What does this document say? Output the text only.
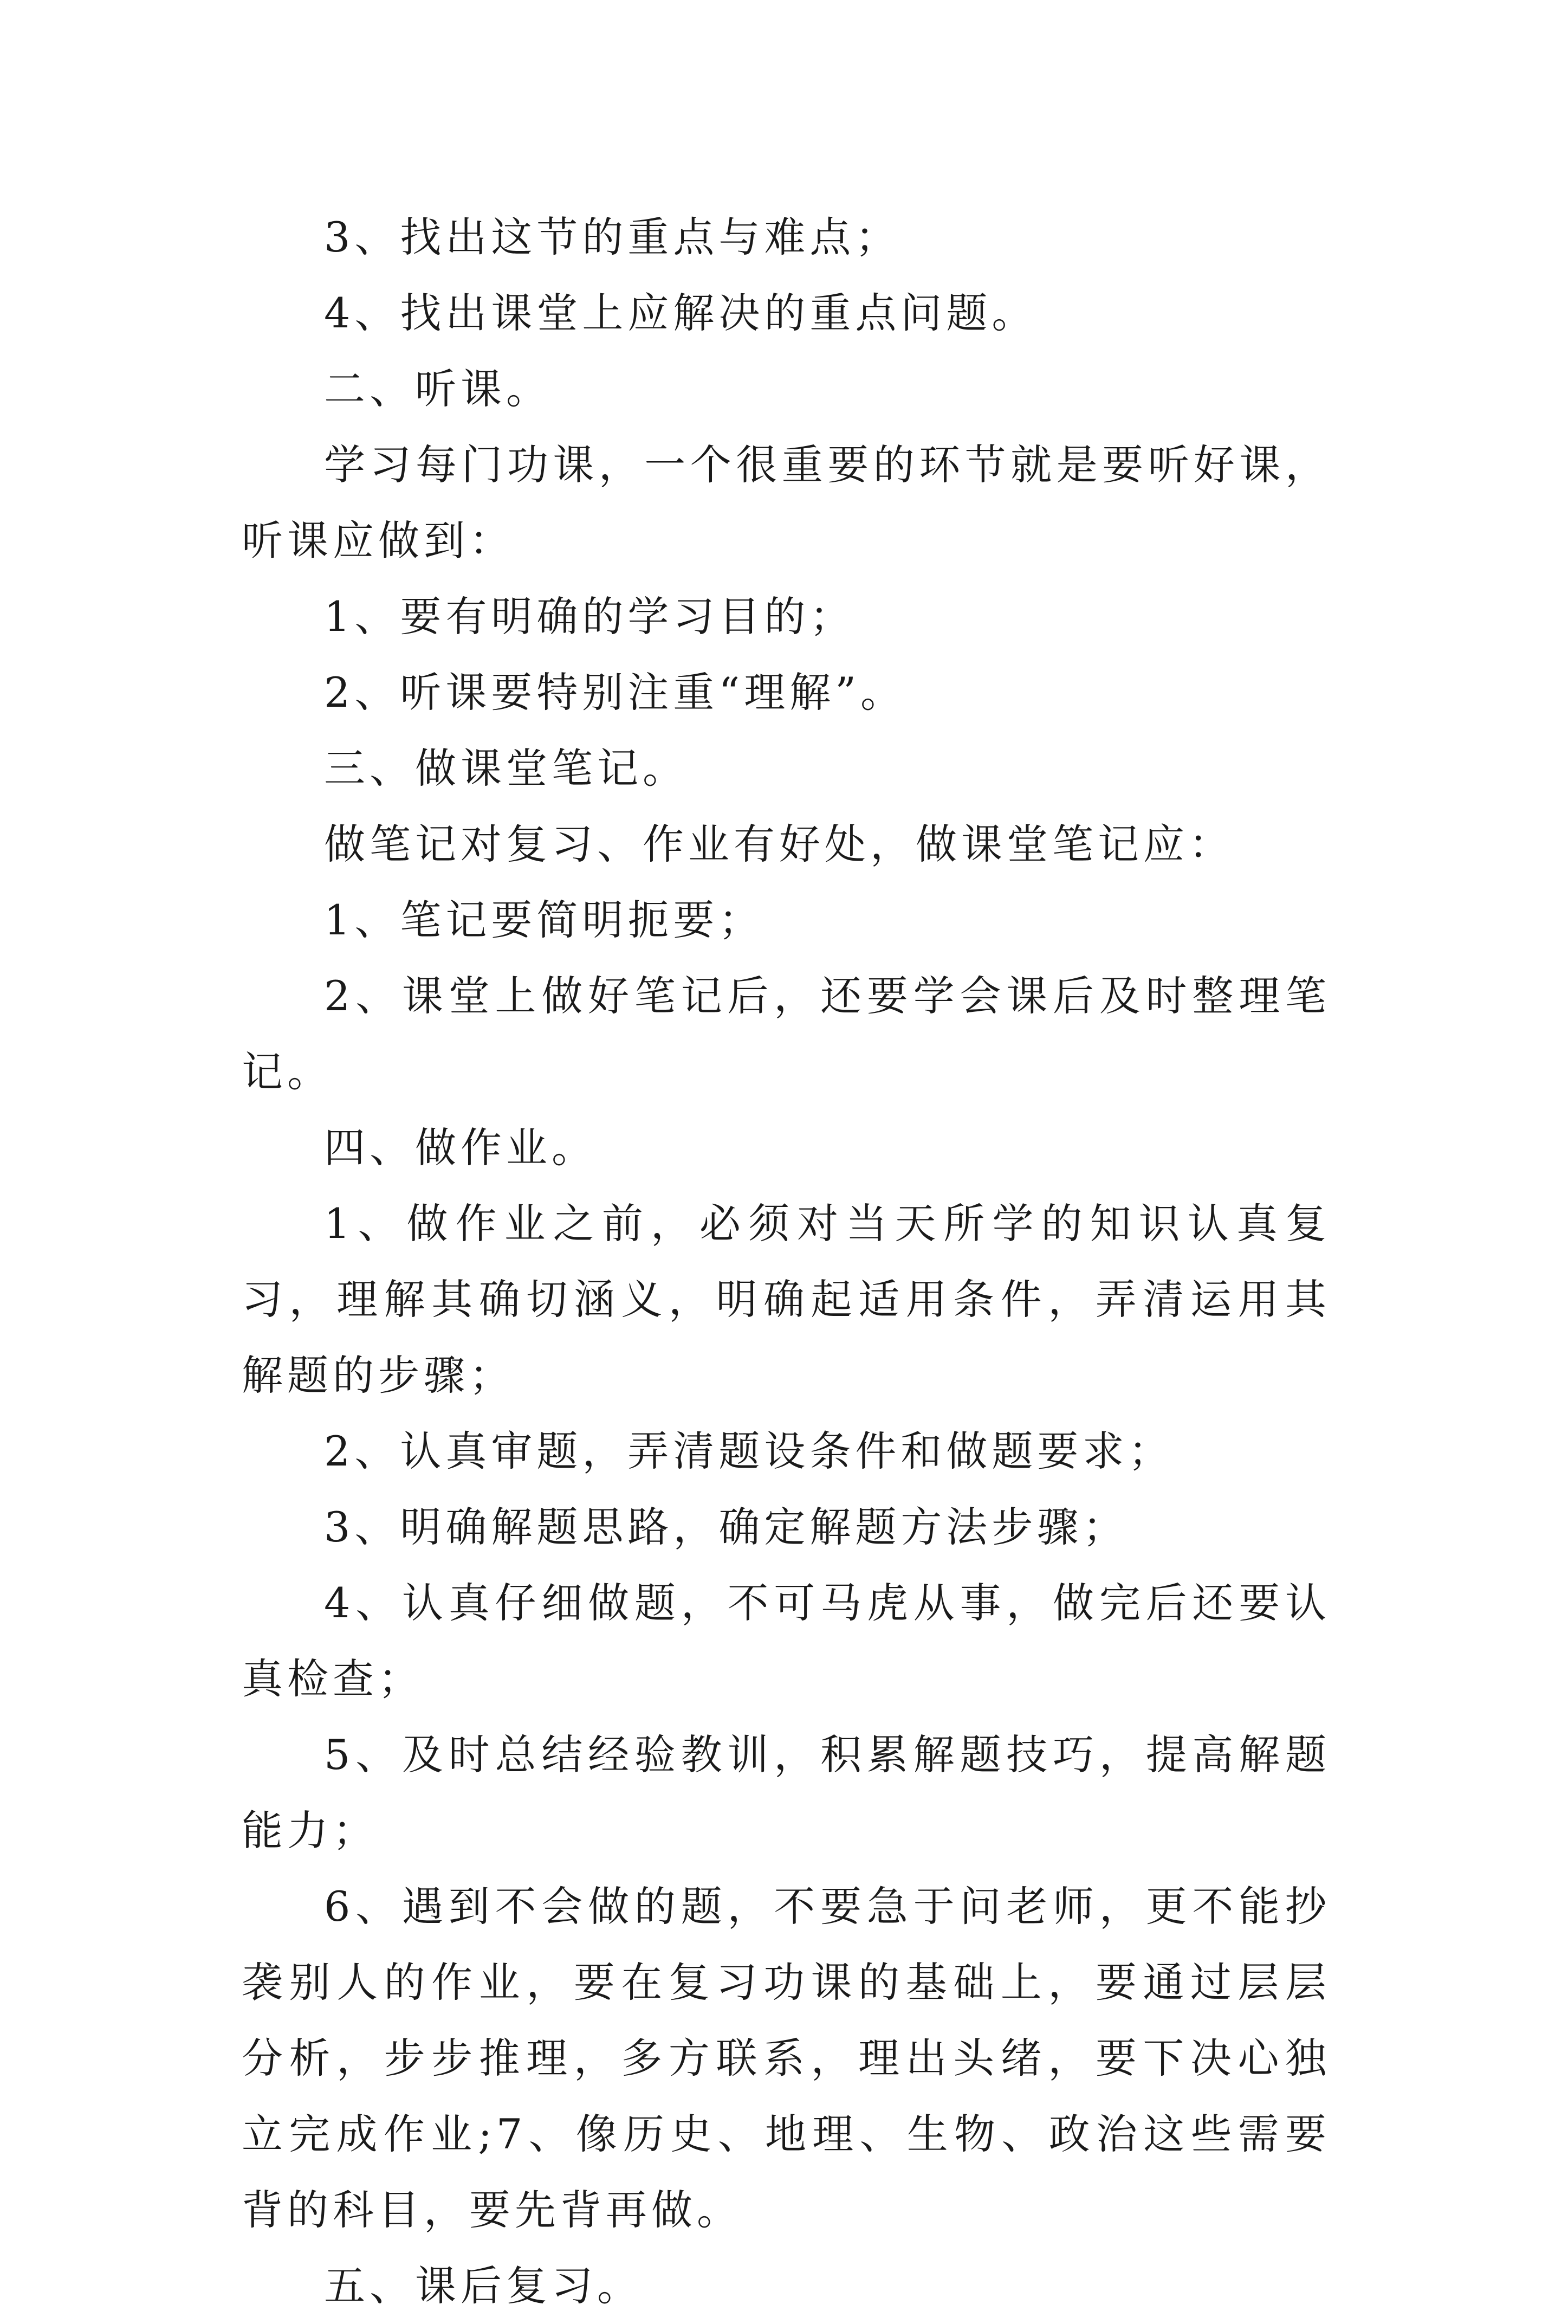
3、找出这节的重点与难点；

4、找出课堂上应解决的重点问题。

二、听课。

学习每门功课，一个很重要的环节就是要听好课，听课应做到：

1、要有明确的学习目的；

2、听课要特别注重“理解”。

三、做课堂笔记。

做笔记对复习、作业有好处，做课堂笔记应：

1、笔记要简明扼要；

2、课堂上做好笔记后，还要学会课后及时整理笔记。

四、做作业。

1、做作业之前，必须对当天所学的知识认真复习，理解其确切涵义，明确起适用条件，弄清运用其解题的步骤；

2、认真审题，弄清题设条件和做题要求；

3、明确解题思路，确定解题方法步骤；

4、认真仔细做题，不可马虎从事，做完后还要认真检查；

5、及时总结经验教训，积累解题技巧，提高解题能力；

6、遇到不会做的题，不要急于问老师，更不能抄袭别人的作业，要在复习功课的基础上，要通过层层分析，步步推理，多方联系，理出头绪，要下决心独立完成作业;7、像历史、地理、生物、政治这些需要背的科目，要先背再做。

五、课后复习。
